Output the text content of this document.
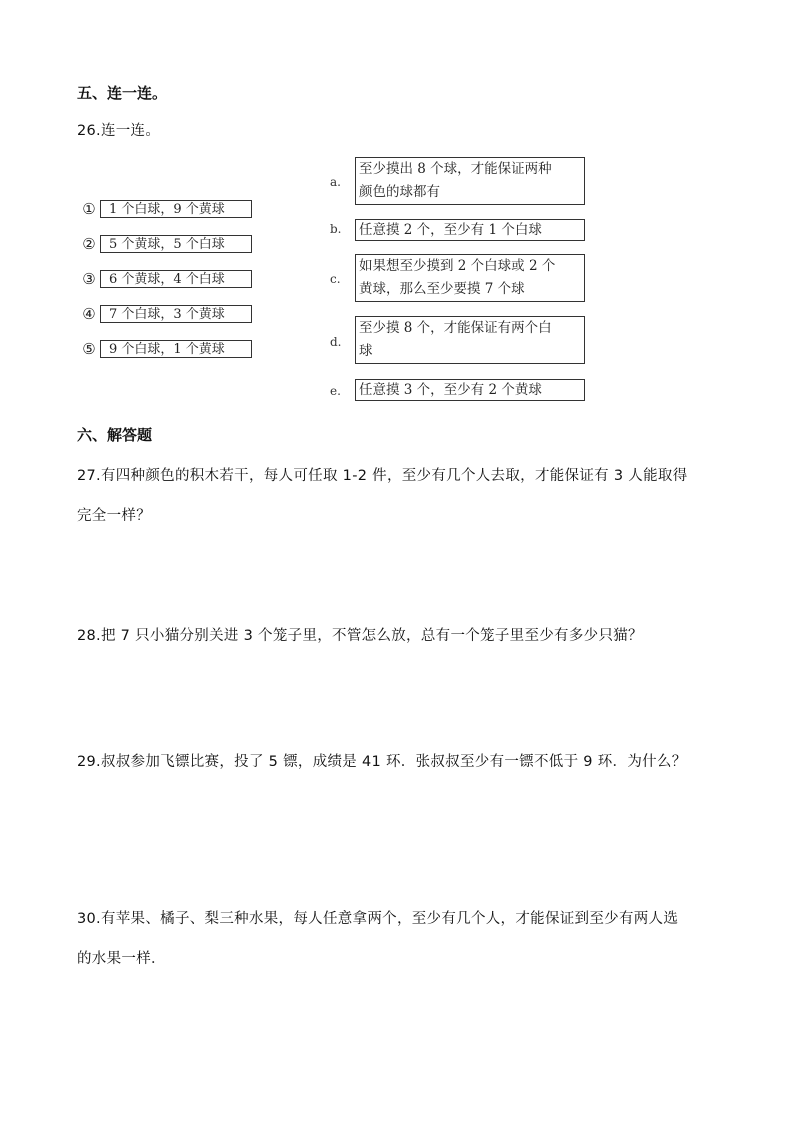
五、连一连。
26.连一连。
①	1 个白球，9 个黄球
②	5 个黄球，5 个白球
③	6 个黄球，4 个白球
④	7 个白球，3 个黄球
⑤	9 个白球，1 个黄球
a.
至少摸出 8 个球，才能保证两种
颜色的球都有
b. 任意摸 2 个，至少有 1 个白球
c.
如果想至少摸到 2 个白球或 2 个
黄球，那么至少要摸 7 个球
d.
至少摸 8 个，才能保证有两个白
球
e. 任意摸 3 个，至少有 2 个黄球
六、解答题
27.有四种颜色的积木若干，每人可任取 1-2 件，至少有几个人去取，才能保证有 3 人能取得
完全一样？
28.把 7 只小猫分别关进 3 个笼子里，不管怎么放，总有一个笼子里至少有多少只猫？
29.叔叔参加飞镖比赛，投了 5 镖，成绩是 41 环．张叔叔至少有一镖不低于 9 环．为什么？
30.有苹果、橘子、梨三种水果，每人任意拿两个，至少有几个人，才能保证到至少有两人选
的水果一样．
